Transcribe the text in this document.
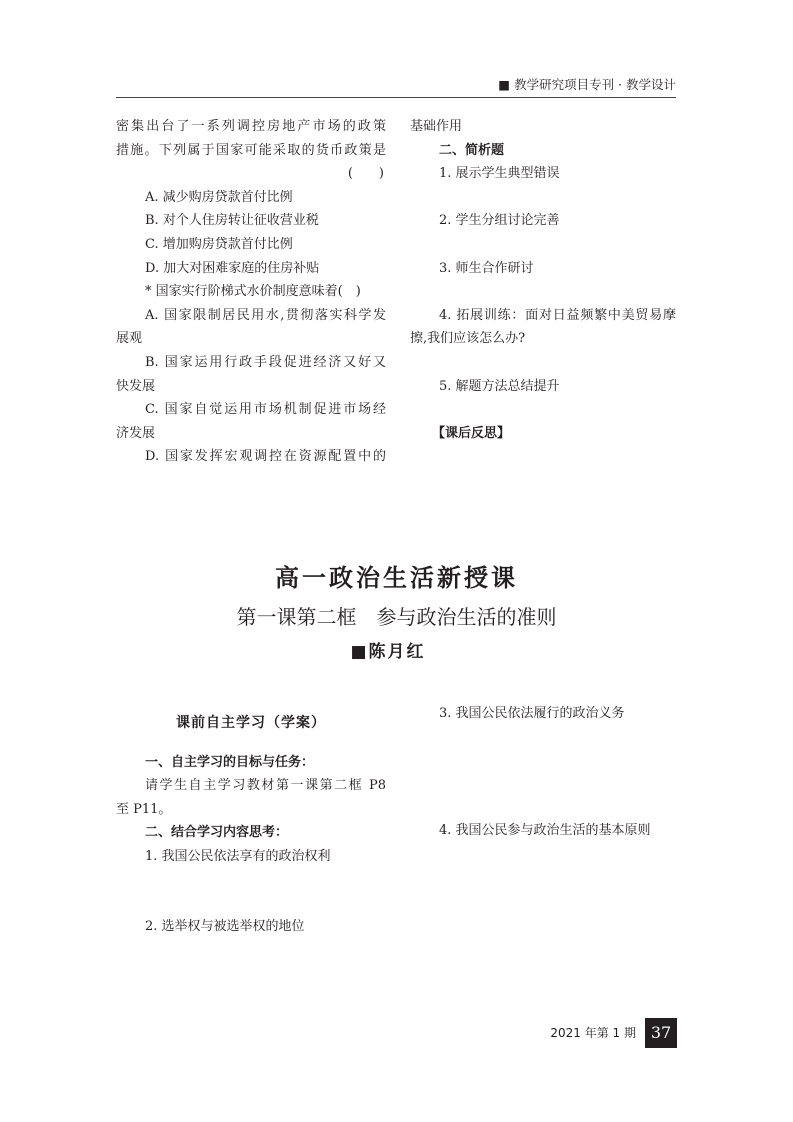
■ 教学研究项目专刊 · 教学设计
密集出台了一系列调控房地产市场的政策
措施。下列属于国家可能采取的货币政策是
(　　)
A. 减少购房贷款首付比例
B. 对个人住房转让征收营业税
C. 增加购房贷款首付比例
D. 加大对困难家庭的住房补贴
* 国家实行阶梯式水价制度意味着(　)
A. 国家限制居民用水,贯彻落实科学发
展观
B. 国家运用行政手段促进经济又好又
快发展
C. 国家自觉运用市场机制促进市场经
济发展
D. 国家发挥宏观调控在资源配置中的
基础作用
二、简析题
1. 展示学生典型错误
2. 学生分组讨论完善
3. 师生合作研讨
4. 拓展训练：面对日益频繁中美贸易摩
擦,我们应该怎么办?
5. 解题方法总结提升
【课后反思】
高一政治生活新授课
第一课第二框　参与政治生活的准则
■陈月红
课前自主学习（学案）
一、自主学习的目标与任务：
请学生自主学习教材第一课第二框 P8
至 P11。
二、结合学习内容思考：
1. 我国公民依法享有的政治权利
2. 选举权与被选举权的地位
3. 我国公民依法履行的政治义务
4. 我国公民参与政治生活的基本原则
2021 年第 1 期 37
